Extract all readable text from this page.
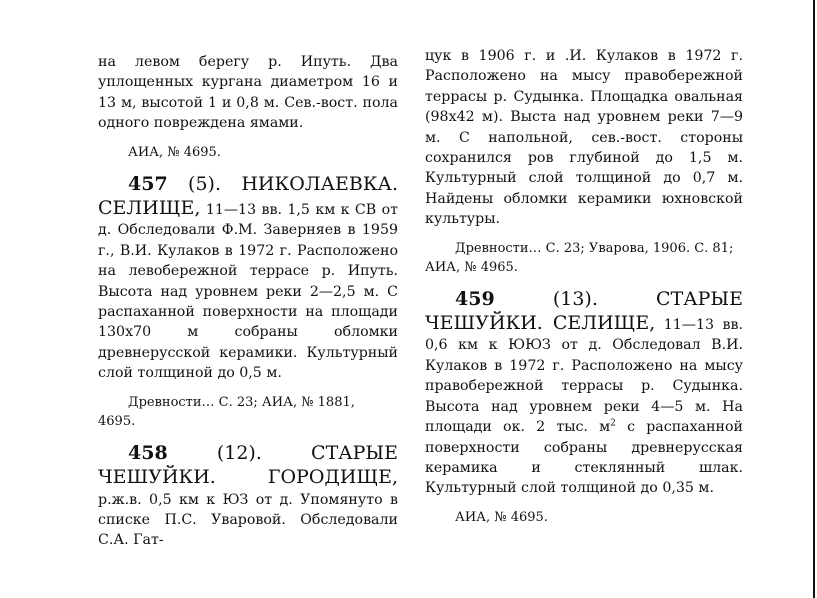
на левом берегу р. Ипуть. Два уплощенных кургана диаметром 16 и 13 м, высотой 1 и 0,8 м. Сев.-вост. пола одного повреждена ямами.

АИА, № 4695.

457 (5). НИКОЛАЕВКА. СЕЛИЩЕ, 11—13 вв. 1,5 км к СВ от д. Обследовали Ф.М. Заверняев в 1959 г., В.И. Кулаков в 1972 г. Расположено на левобережной террасе р. Ипуть. Высота над уровнем реки 2—2,5 м. С распаханной поверхности на площади 130х70 м собраны обломки древнерусской керамики. Культурный слой толщиной до 0,5 м.

Древности… С. 23; АИА, № 1881,

4695.

458 (12). СТАРЫЕ ЧЕШУЙКИ. ГОРОДИЩЕ, р.ж.в. 0,5 км к ЮЗ от д. Упомянуто в списке П.С. Уваровой. Обследовали С.А. Гат-

цук в 1906 г. и .И. Кулаков в 1972 г. Расположено на мысу правобережной террасы р. Судынка. Площадка овальная (98х42 м). Выста над уровнем реки 7—9 м. С напольной, сев.-вост. стороны сохранился ров глубиной до 1,5 м. Культурный слой толщиной до 0,7 м. Найдены обломки керамики юхновской культуры.

Древности… С. 23; Уварова, 1906. С. 81;

АИА, № 4965.

459 (13). СТАРЫЕ ЧЕШУЙКИ. СЕЛИЩЕ, 11—13 вв. 0,6 км к ЮЮЗ от д. Обследовал В.И. Кулаков в 1972 г. Расположено на мысу правобережной террасы р. Судынка. Высота над уровнем реки 4—5 м. На площади ок. 2 тыс. $м^2$ с распаханной поверхности собраны древнерусская керамика и стеклянный шлак. Культурный слой толщиной до 0,35 м.

АИА, № 4695.
